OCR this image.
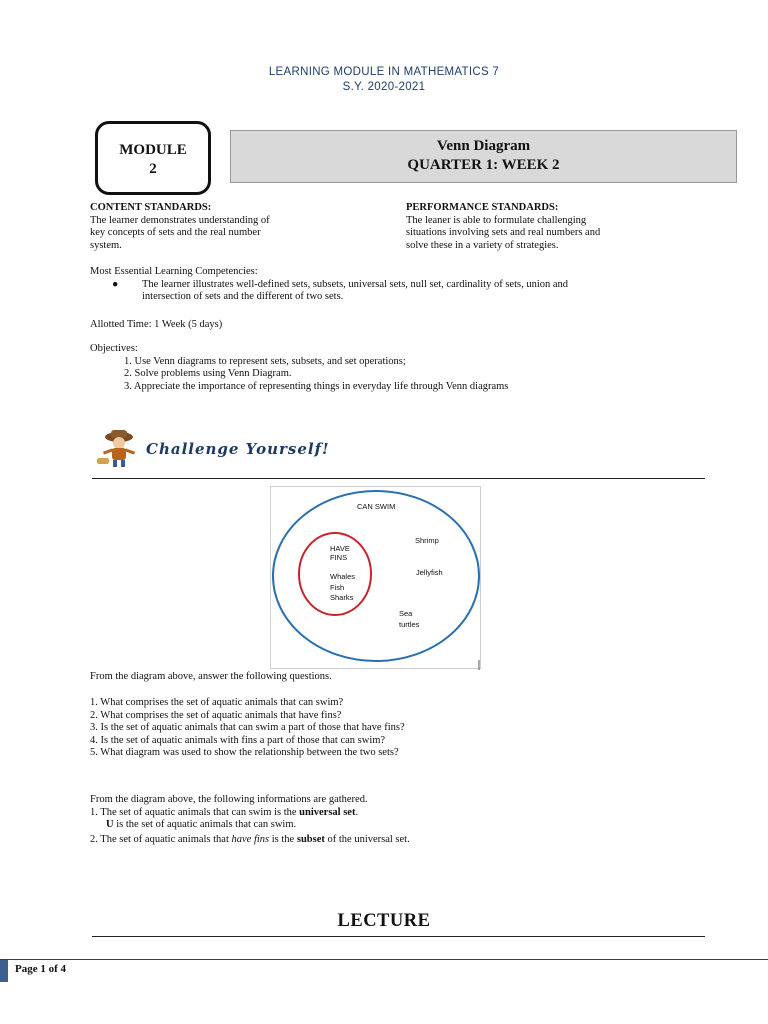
LEARNING MODULE IN MATHEMATICS 7
S.Y. 2020-2021
MODULE
2
Venn Diagram
QUARTER 1: WEEK 2
CONTENT STANDARDS:
The learner demonstrates understanding of
key concepts of sets and the real number
system.
PERFORMANCE STANDARDS:
The leaner is able to formulate challenging
situations involving sets and real numbers and
solve these in a variety of strategies.
Most Essential Learning Competencies:
● The learner illustrates well-defined sets, subsets, universal sets, null set, cardinality of sets, union and
intersection of sets and the different of two sets.
Allotted Time: 1 Week (5 days)
Objectives:
1. Use Venn diagrams to represent sets, subsets, and set operations;
2. Solve problems using Venn Diagram.
3. Appreciate the importance of representing things in everyday life through Venn diagrams
Challenge Yourself!
CAN SWIM
HAVE
FINS
Whales
Fish
Sharks
Shrimp
Jellyfish
Sea
turtles
From the diagram above, answer the following questions.
1. What comprises the set of aquatic animals that can swim?
2. What comprises the set of aquatic animals that have fins?
3. Is the set of aquatic animals that can swim a part of those that have fins?
4. Is the set of aquatic animals with fins a part of those that can swim?
5. What diagram was used to show the relationship between the two sets?
From the diagram above, the following informations are gathered.
1. The set of aquatic animals that can swim is the universal set.
U is the set of aquatic animals that can swim.
2. The set of aquatic animals that have fins is the subset of the universal set.
LECTURE
Page 1 of 4
